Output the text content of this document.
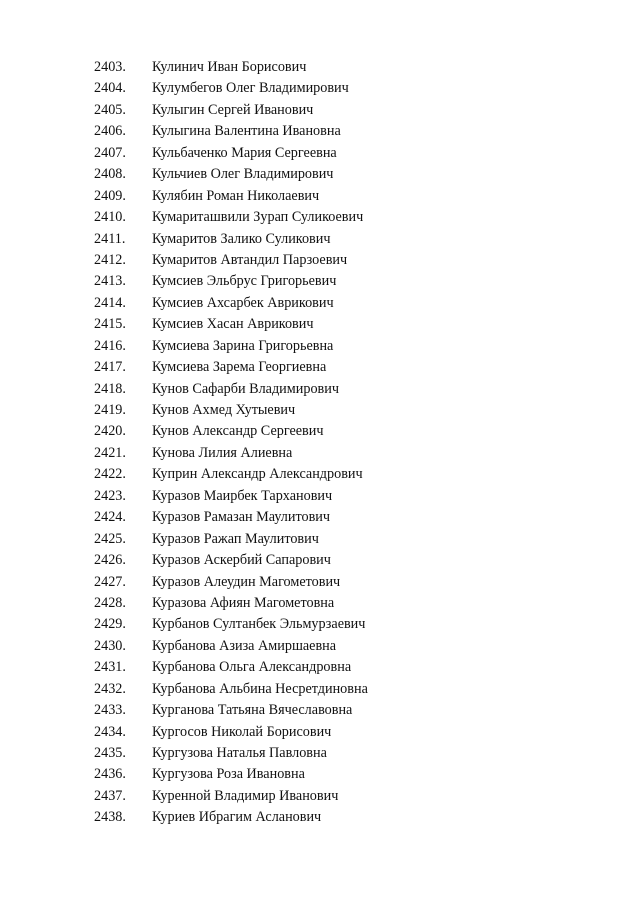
2403.	Кулинич Иван Борисович
2404.	Кулумбегов Олег Владимирович
2405.	Кулыгин Сергей Иванович
2406.	Кулыгина Валентина Ивановна
2407.	Кульбаченко Мария Сергеевна
2408.	Кульчиев Олег Владимирович
2409.	Кулябин Роман Николаевич
2410.	Кумариташвили Зурап Суликоевич
2411.	Кумаритов Залико Суликович
2412.	Кумаритов Автандил Парзоевич
2413.	Кумсиев Эльбрус Григорьевич
2414.	Кумсиев Ахсарбек Аврикович
2415.	Кумсиев Хасан Аврикович
2416.	Кумсиева Зарина Григорьевна
2417.	Кумсиева Зарема Георгиевна
2418.	Кунов Сафарби Владимирович
2419.	Кунов Ахмед Хутыевич
2420.	Кунов Александр Сергеевич
2421.	Кунова Лилия Алиевна
2422.	Куприн Александр Александрович
2423.	Куразов Маирбек Тарханович
2424.	Куразов Рамазан Маулитович
2425.	Куразов Ражап Маулитович
2426.	Куразов Аскербий Сапарович
2427.	Куразов Алеудин Магометович
2428.	Куразова Афиян Магометовна
2429.	Курбанов Султанбек Эльмурзаевич
2430.	Курбанова Азиза Амиршаевна
2431.	Курбанова Ольга Александровна
2432.	Курбанова Альбина Несретдиновна
2433.	Курганова Татьяна Вячеславовна
2434.	Кургосов Николай Борисович
2435.	Кургузова Наталья Павловна
2436.	Кургузова Роза Ивановна
2437.	Куренной Владимир Иванович
2438.	Куриев Ибрагим Асланович
